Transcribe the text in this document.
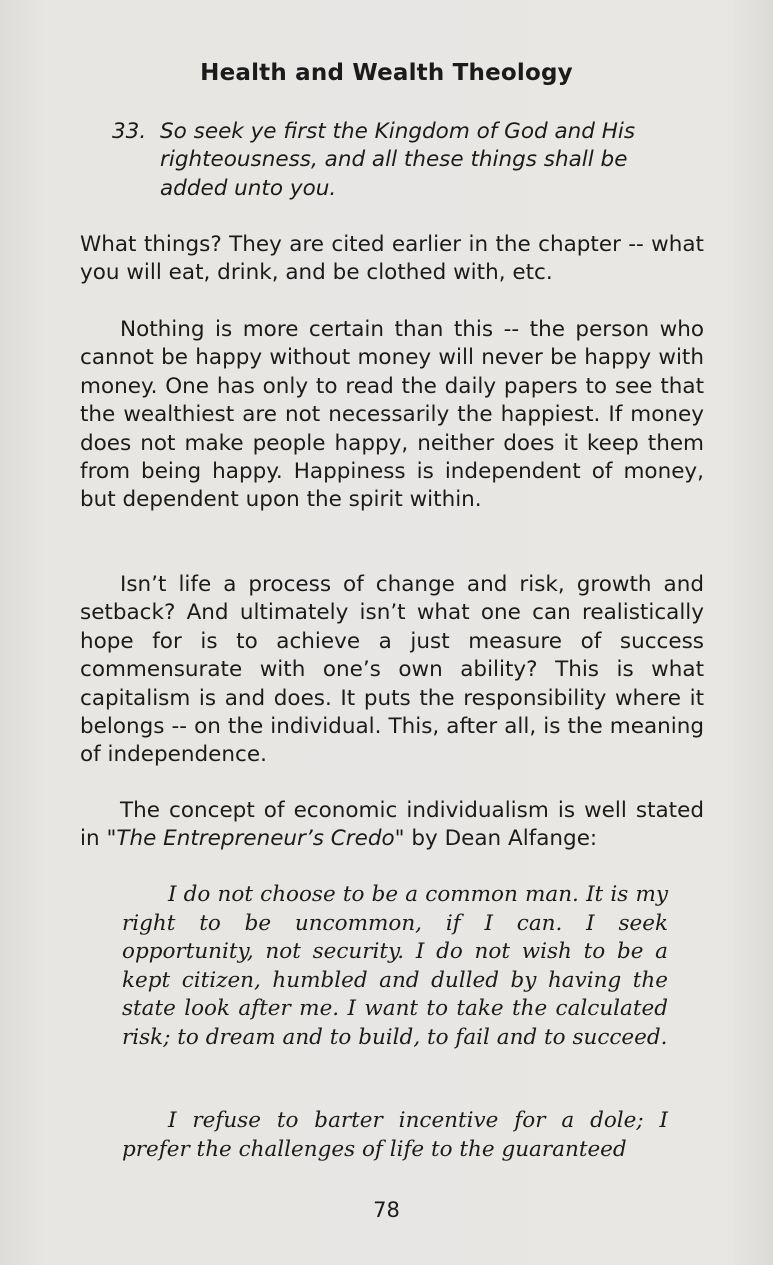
Health and Wealth Theology
33. So seek ye first the Kingdom of God and His
righteousness, and all these things shall be
added unto you.
What things? They are cited earlier in the chapter -- what you will eat, drink, and be clothed with, etc.
Nothing is more certain than this -- the person who cannot be happy without money will never be happy with money. One has only to read the daily papers to see that the wealthiest are not necessarily the happiest. If money does not make people happy, neither does it keep them from being happy. Happiness is independent of money, but dependent upon the spirit within.
Isn’t life a process of change and risk, growth and setback? And ultimately isn’t what one can realistically hope for is to achieve a just measure of success commensurate with one’s own ability? This is what capitalism is and does. It puts the responsibility where it belongs -- on the individual. This, after all, is the meaning of independence.
The concept of economic individualism is well stated in "The Entrepreneur’s Credo" by Dean Alfange:
I do not choose to be a common man. It is my right to be uncommon, if I can. I seek opportunity, not security. I do not wish to be a kept citizen, humbled and dulled by having the state look after me. I want to take the calculated risk; to dream and to build, to fail and to succeed.
I refuse to barter incentive for a dole; I prefer the challenges of life to the guaranteed
78
